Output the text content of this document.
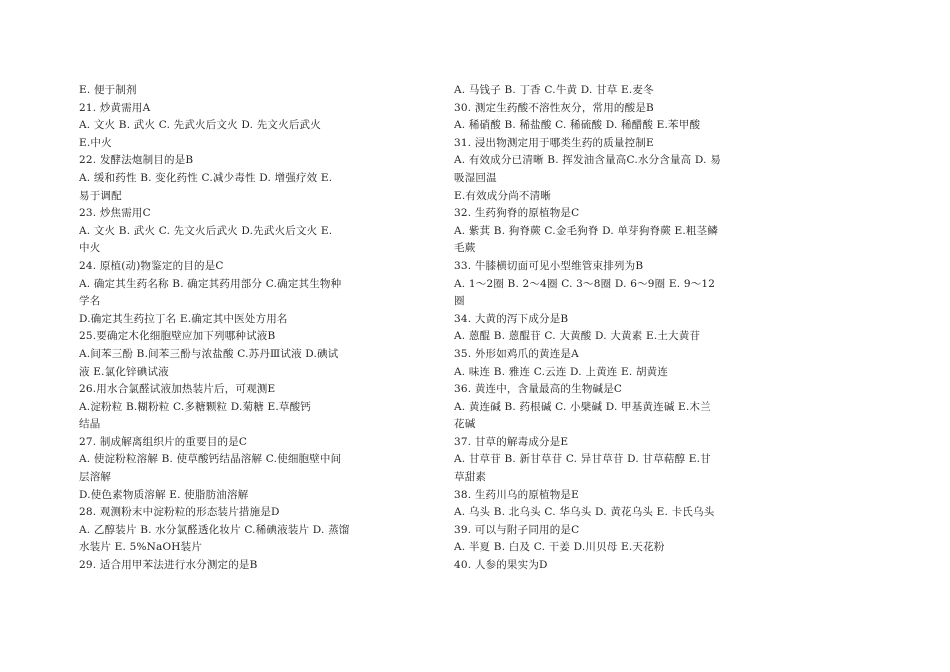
E. 便于制剂
21. 炒黄需用A
A. 文火 B. 武火 C. 先武火后文火 D. 先文火后武火
E.中火
22. 发酵法炮制目的是B
A. 缓和药性 B. 变化药性 C.减少毒性 D. 增强疗效 E.
易于调配
23. 炒焦需用C
A. 文火 B. 武火 C. 先文火后武火 D.先武火后文火 E.
中火
24. 原植(动)物鉴定的目的是C
A. 确定其生药名称 B. 确定其药用部分 C.确定其生物种
学名
D.确定其生药拉丁名 E.确定其中医处方用名
25.要确定木化细胞壁应加下列哪种试液B
A.间苯三酚 B.间苯三酚与浓盐酸 C.苏丹Ⅲ试液 D.碘试
液 E.氯化锌碘试液
26.用水合氯醛试液加热装片后，可观测E
A.淀粉粒 B.糊粉粒 C.多糖颗粒 D.菊糖 E.草酸钙
结晶
27. 制成解离组织片的重要目的是C
A. 使淀粉粒溶解 B. 使草酸钙结晶溶解 C.使细胞壁中间
层溶解
D.使色素物质溶解 E. 使脂肪油溶解
28. 观测粉末中淀粉粒的形态装片措施是D
A. 乙醇装片 B. 水分氯醛透化妆片 C.稀碘液装片 D. 蒸馏
水装片 E. 5%NaOH装片
29. 适合用甲苯法进行水分测定的是B
A. 马钱子 B. 丁香 C.牛黄 D. 甘草 E.麦冬
30. 测定生药酸不溶性灰分，常用的酸是B
A. 稀硝酸 B. 稀盐酸 C. 稀硫酸 D. 稀醋酸 E.苯甲酸
31. 浸出物测定用于哪类生药的质量控制E
A. 有效成分已清晰 B. 挥发油含量高C.水分含量高 D. 易
吸湿回温
E.有效成分尚不清晰
32. 生药狗脊的原植物是C
A. 紫萁 B. 狗脊蕨 C.金毛狗脊 D. 单芽狗脊蕨 E.粗茎鳞
毛蕨
33. 牛膝横切面可见小型维管束排列为B
A. 1～2圈 B. 2～4圈 C. 3～8圈 D. 6～9圈 E. 9～12
圈
34. 大黄的泻下成分是B
A. 蒽醌 B. 蒽醌苷 C. 大黄酸 D. 大黄素 E.土大黄苷
35. 外形如鸡爪的黄连是A
A. 味连 B. 雅连 C.云连 D. 上黄连 E. 胡黄连
36. 黄连中，含量最高的生物碱是C
A. 黄连碱 B. 药根碱 C. 小檗碱 D. 甲基黄连碱 E.木兰
花碱
37. 甘草的解毒成分是E
A. 甘草苷 B. 新甘草苷 C. 异甘草苷 D. 甘草萜醇 E.甘
草甜素
38. 生药川乌的原植物是E
A. 乌头 B. 北乌头 C. 华乌头 D. 黄花乌头 E. 卡氏乌头
39. 可以与附子同用的是C
A. 半夏 B. 白及 C. 干姜 D.川贝母 E.天花粉
40. 人参的果实为D
